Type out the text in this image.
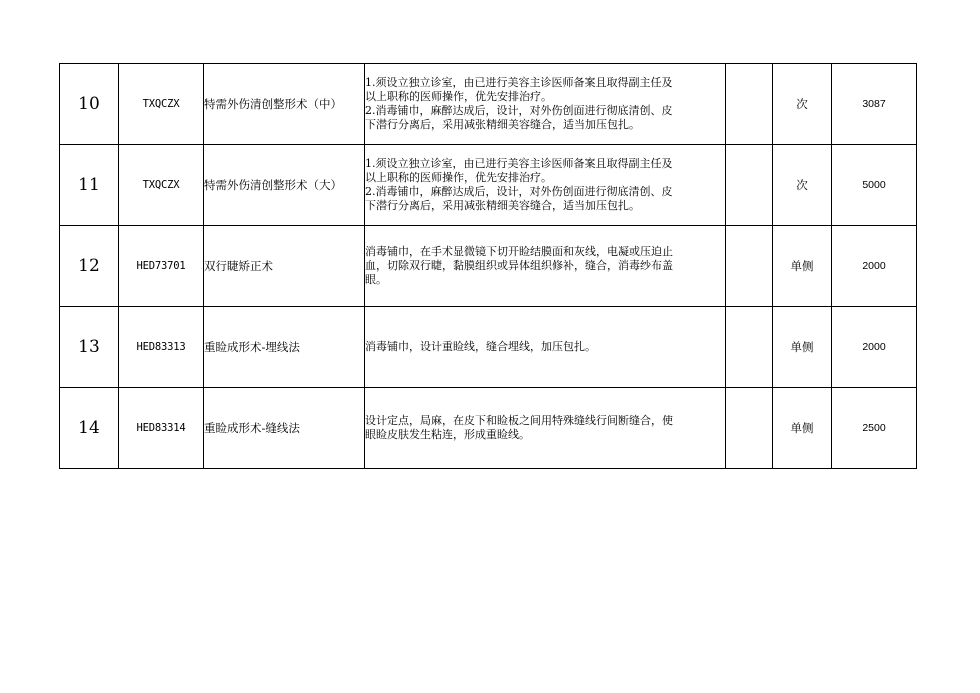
10	TXQCZX	特需外伤清创整形术（中）	1.须设立独立诊室，由已进行美容主诊医师备案且取得副主任及
以上职称的医师操作，优先安排治疗。
2.消毒铺巾，麻醉达成后，设计，对外伤创面进行彻底清创、皮
下潜行分离后，采用减张精细美容缝合，适当加压包扎。		次	3087
11	TXQCZX	特需外伤清创整形术（大）	1.须设立独立诊室，由已进行美容主诊医师备案且取得副主任及
以上职称的医师操作，优先安排治疗。
2.消毒铺巾，麻醉达成后，设计，对外伤创面进行彻底清创、皮
下潜行分离后，采用减张精细美容缝合，适当加压包扎。		次	5000
12	HED73701	双行睫矫正术	消毒铺巾，在手术显微镜下切开睑结膜面和灰线，电凝或压迫止
血，切除双行睫，黏膜组织或异体组织修补，缝合，消毒纱布盖
眼。		单侧	2000
13	HED83313	重睑成形术-埋线法	消毒铺巾，设计重睑线，缝合埋线，加压包扎。		单侧	2000
14	HED83314	重睑成形术-缝线法	设计定点，局麻，在皮下和睑板之间用特殊缝线行间断缝合，使
眼睑皮肤发生粘连，形成重睑线。		单侧	2500
